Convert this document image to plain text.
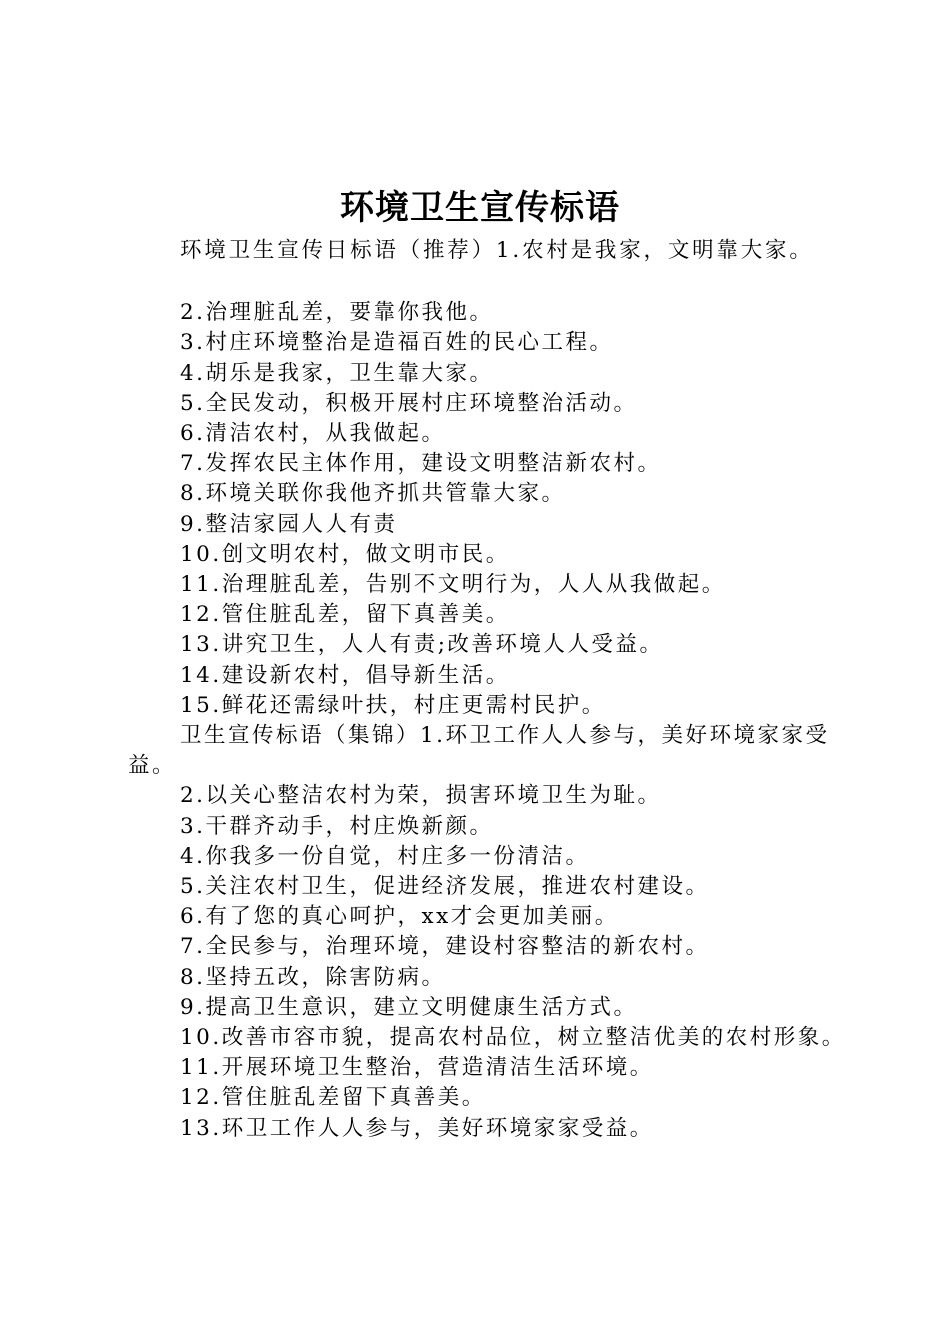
环境卫生宣传标语

环境卫生宣传日标语（推荐）1.农村是我家，文明靠大家。

2.治理脏乱差，要靠你我他。

3.村庄环境整治是造福百姓的民心工程。

4.胡乐是我家，卫生靠大家。

5.全民发动，积极开展村庄环境整治活动。

6.清洁农村，从我做起。

7.发挥农民主体作用，建设文明整洁新农村。

8.环境关联你我他齐抓共管靠大家。

9.整洁家园人人有责

10.创文明农村，做文明市民。

11.治理脏乱差，告别不文明行为，人人从我做起。

12.管住脏乱差，留下真善美。

13.讲究卫生，人人有责;改善环境人人受益。

14.建设新农村，倡导新生活。

15.鲜花还需绿叶扶，村庄更需村民护。

卫生宣传标语（集锦）1.环卫工作人人参与，美好环境家家受益。

2.以关心整洁农村为荣，损害环境卫生为耻。

3.干群齐动手，村庄焕新颜。

4.你我多一份自觉，村庄多一份清洁。

5.关注农村卫生，促进经济发展，推进农村建设。

6.有了您的真心呵护，xx才会更加美丽。

7.全民参与，治理环境，建设村容整洁的新农村。

8.坚持五改，除害防病。

9.提高卫生意识，建立文明健康生活方式。

10.改善市容市貌，提高农村品位，树立整洁优美的农村形象。

11.开展环境卫生整治，营造清洁生活环境。

12.管住脏乱差留下真善美。

13.环卫工作人人参与，美好环境家家受益。
